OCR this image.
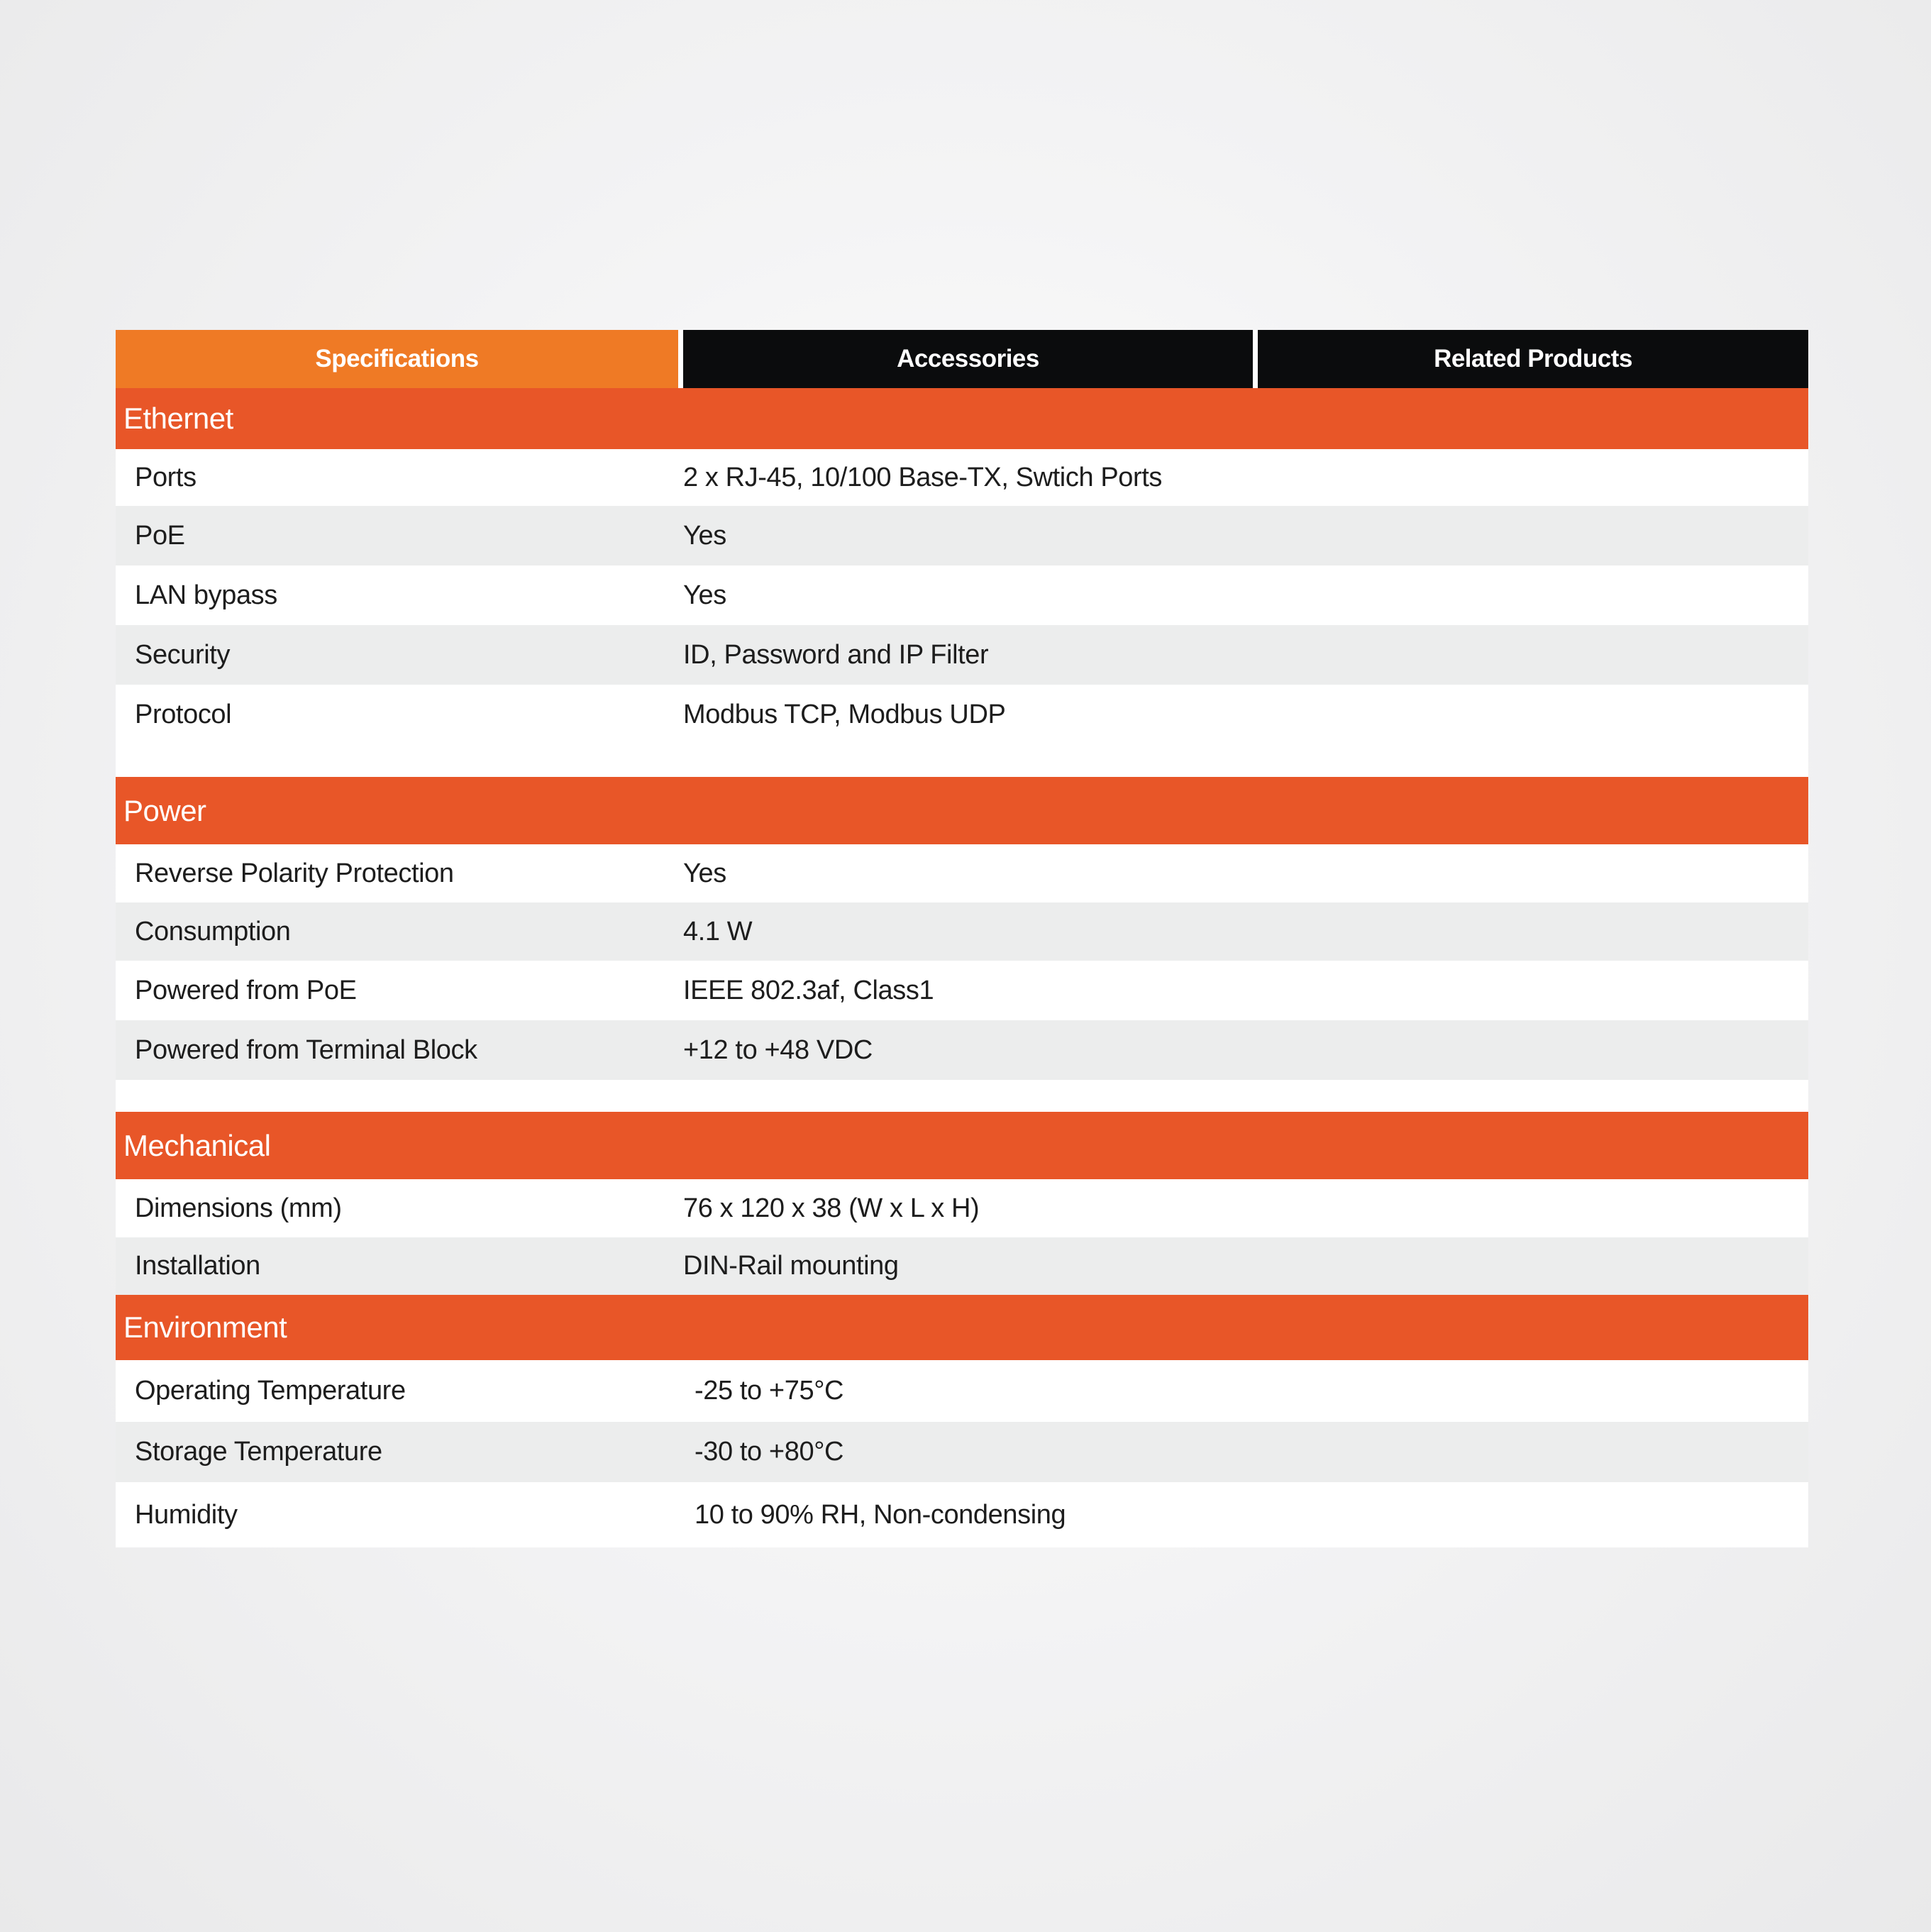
Specifications	Accessories	Related Products
Ethernet
Ports	2 x RJ-45, 10/100 Base-TX, Swtich Ports
PoE	Yes
LAN bypass	Yes
Security	ID, Password and IP Filter
Protocol	Modbus TCP, Modbus UDP
Power
Reverse Polarity Protection	Yes
Consumption	4.1 W
Powered from PoE	IEEE 802.3af, Class1
Powered from Terminal Block	+12 to +48 VDC
Mechanical
Dimensions (mm)	76 x 120 x 38 (W x L x H)
Installation	DIN-Rail mounting
Environment
Operating Temperature	-25 to +75°C
Storage Temperature	-30 to +80°C
Humidity	10 to 90% RH, Non-condensing
